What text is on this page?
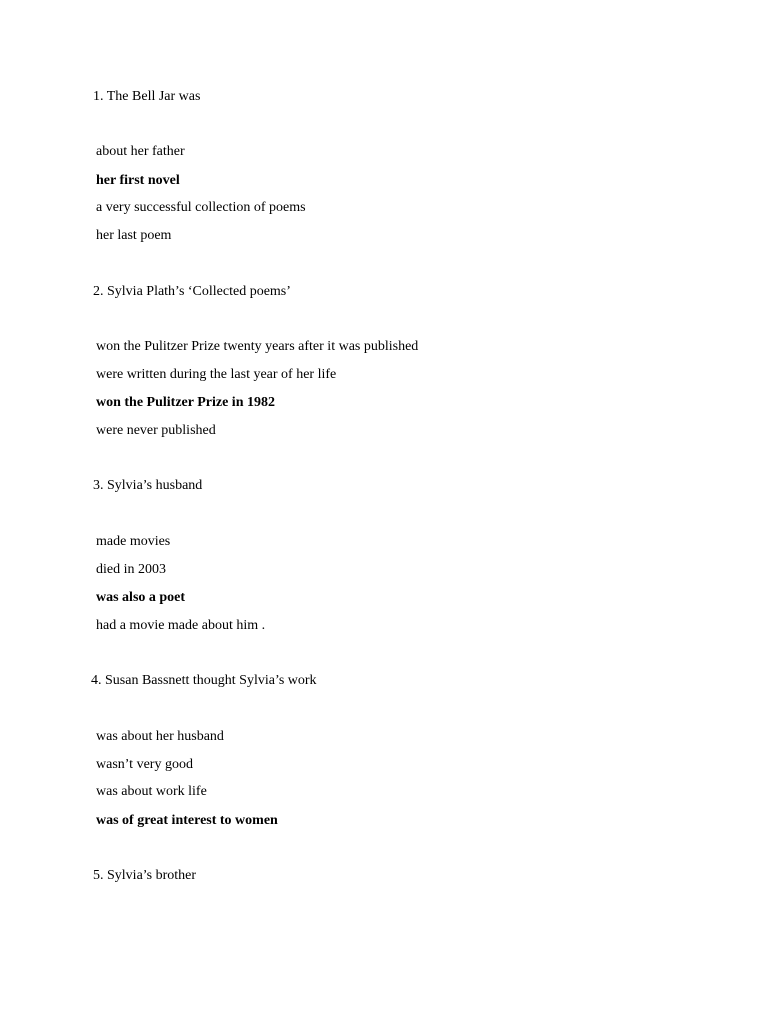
1. The Bell Jar was
about her father
her first novel
a very successful collection of poems
her last poem
2. Sylvia Plath’s ‘Collected poems’
won the Pulitzer Prize twenty years after it was published
were written during the last year of her life
won the Pulitzer Prize in 1982
were never published
3. Sylvia’s husband
made movies
died in 2003
was also a poet
had a movie made about him .
4. Susan Bassnett thought Sylvia’s work
was about her husband
wasn’t very good
was about work life
was of great interest to women
5. Sylvia’s brother
